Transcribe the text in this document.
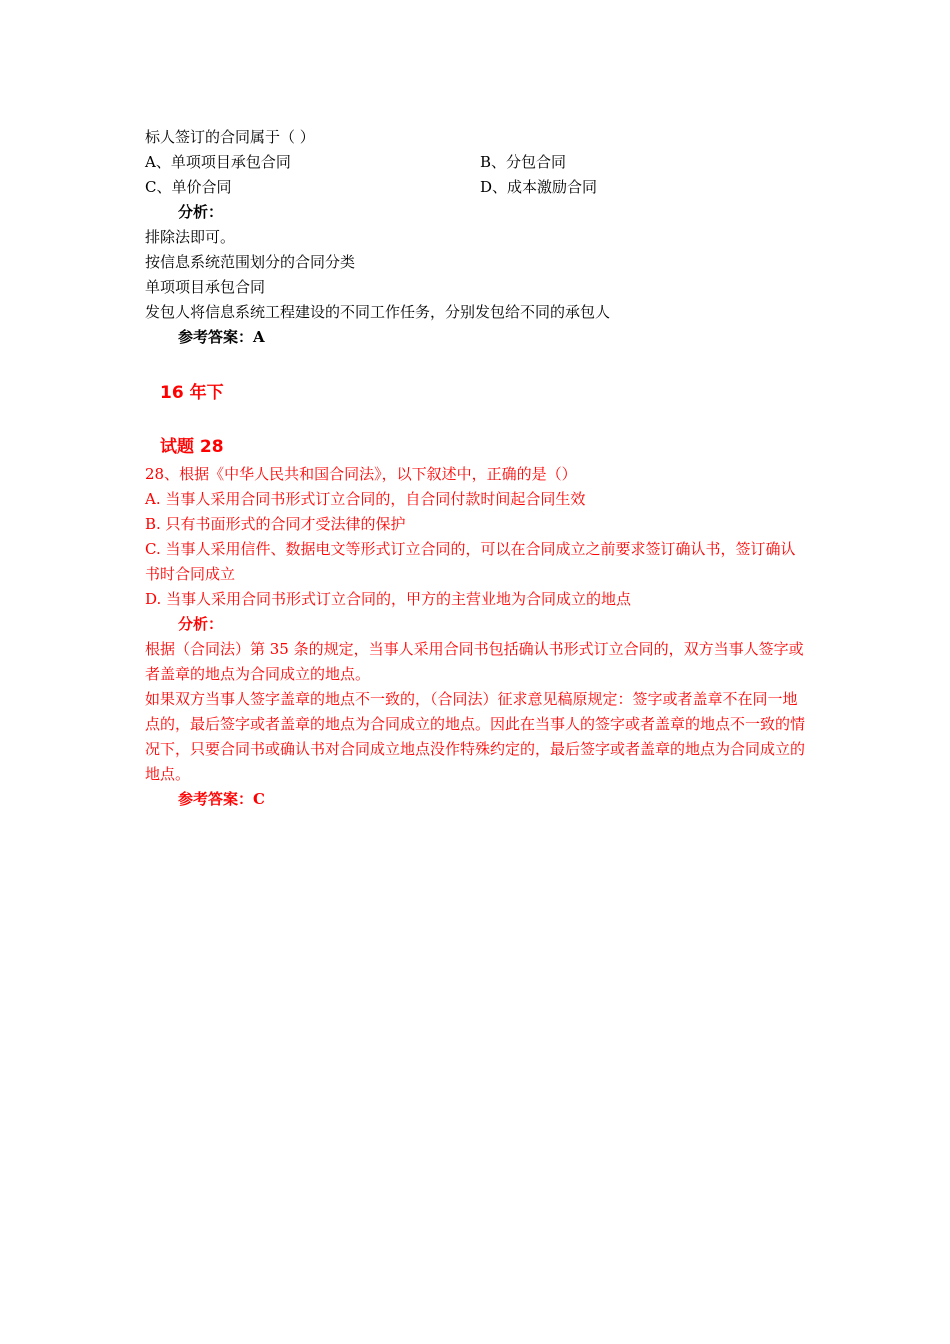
标人签订的合同属于（ ）
A、单项项目承包合同	B、分包合同
C、单价合同	D、成本激励合同
分析：
排除法即可。
按信息系统范围划分的合同分类
单项项目承包合同
发包人将信息系统工程建设的不同工作任务，分别发包给不同的承包人
参考答案：A
16 年下
试题 28
28、根据《中华人民共和国合同法》，以下叙述中，正确的是（）
A. 当事人采用合同书形式订立合同的，自合同付款时间起合同生效
B. 只有书面形式的合同才受法律的保护
C. 当事人采用信件、数据电文等形式订立合同的，可以在合同成立之前要求签订确认书，签订确认书时合同成立
D. 当事人采用合同书形式订立合同的，甲方的主营业地为合同成立的地点
分析：
根据（合同法）第 35 条的规定，当事人采用合同书包括确认书形式订立合同的，双方当事人签字或者盖章的地点为合同成立的地点。
如果双方当事人签字盖章的地点不一致的，（合同法）征求意见稿原规定：签字或者盖章不在同一地点的，最后签字或者盖章的地点为合同成立的地点。因此在当事人的签字或者盖章的地点不一致的情况下，只要合同书或确认书对合同成立地点没作特殊约定的，最后签字或者盖章的地点为合同成立的地点。
参考答案：C
